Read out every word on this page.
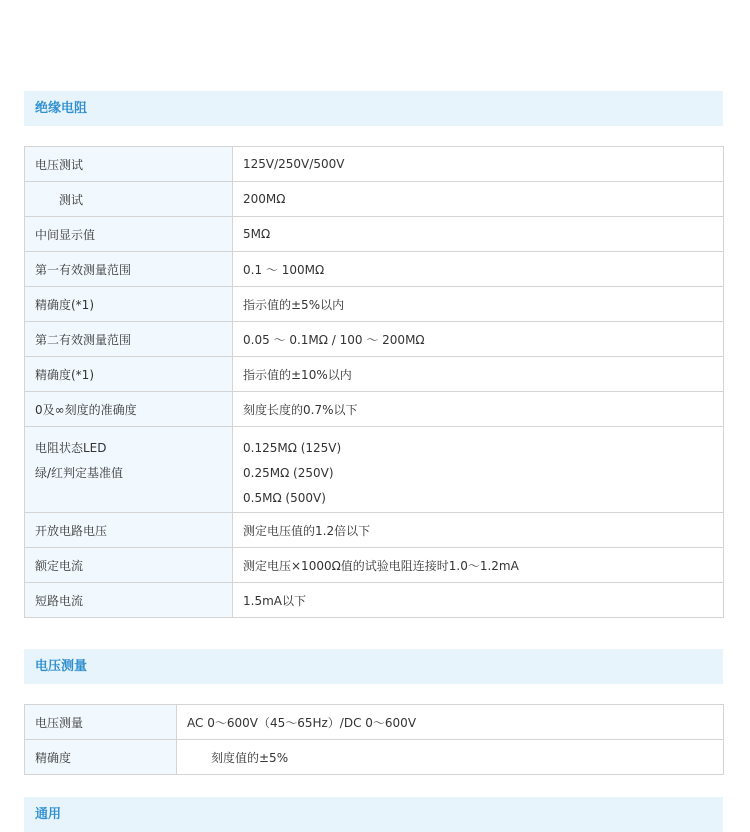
绝缘电阻
电压测试	125V/250V/500V
测试	200MΩ
中间显示值	5MΩ
第一有效测量范围	0.1 ～ 100MΩ
精确度(*1)	指示值的±5%以内
第二有效测量范围	0.05 ～ 0.1MΩ / 100 ～ 200MΩ
精确度(*1)	指示值的±10%以内
0及∞刻度的准确度	刻度长度的0.7%以下

电阻状态LED
绿/红判定基准值	0.125MΩ (125V)
0.25MΩ (250V)
0.5MΩ (500V)

开放电路电压	测定电压值的1.2倍以下
额定电流	测定电压×1000Ω值的试验电阻连接时1.0～1.2mA
短路电流	1.5mA以下
电压测量
电压测量	AC 0～600V（45～65Hz）/DC 0～600V
精确度	刻度值的±5%
通用
